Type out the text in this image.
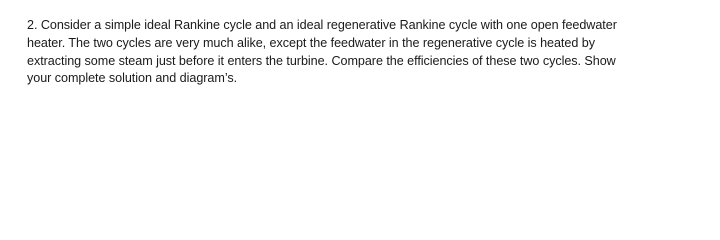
2. Consider a simple ideal Rankine cycle and an ideal regenerative Rankine cycle with one open feedwater
heater. The two cycles are very much alike, except the feedwater in the regenerative cycle is heated by
extracting some steam just before it enters the turbine. Compare the efficiencies of these two cycles. Show
your complete solution and diagram’s.
